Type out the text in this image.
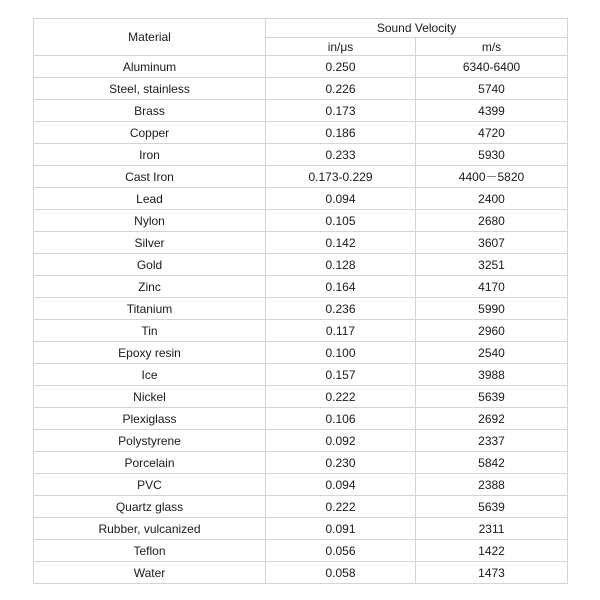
Material	Sound Velocity	
	in/μs	m/s
Aluminum	0.250	6340-6400
Steel, stainless	0.226	5740
Brass	0.173	4399
Copper	0.186	4720
Iron	0.233	5930
Cast Iron	0.173-0.229	4400－5820
Lead	0.094	2400
Nylon	0.105	2680
Silver	0.142	3607
Gold	0.128	3251
Zinc	0.164	4170
Titanium	0.236	5990
Tin	0.117	2960
Epoxy resin	0.100	2540
Ice	0.157	3988
Nickel	0.222	5639
Plexiglass	0.106	2692
Polystyrene	0.092	2337
Porcelain	0.230	5842
PVC	0.094	2388
Quartz glass	0.222	5639
Rubber, vulcanized	0.091	2311
Teflon	0.056	1422
Water	0.058	1473
